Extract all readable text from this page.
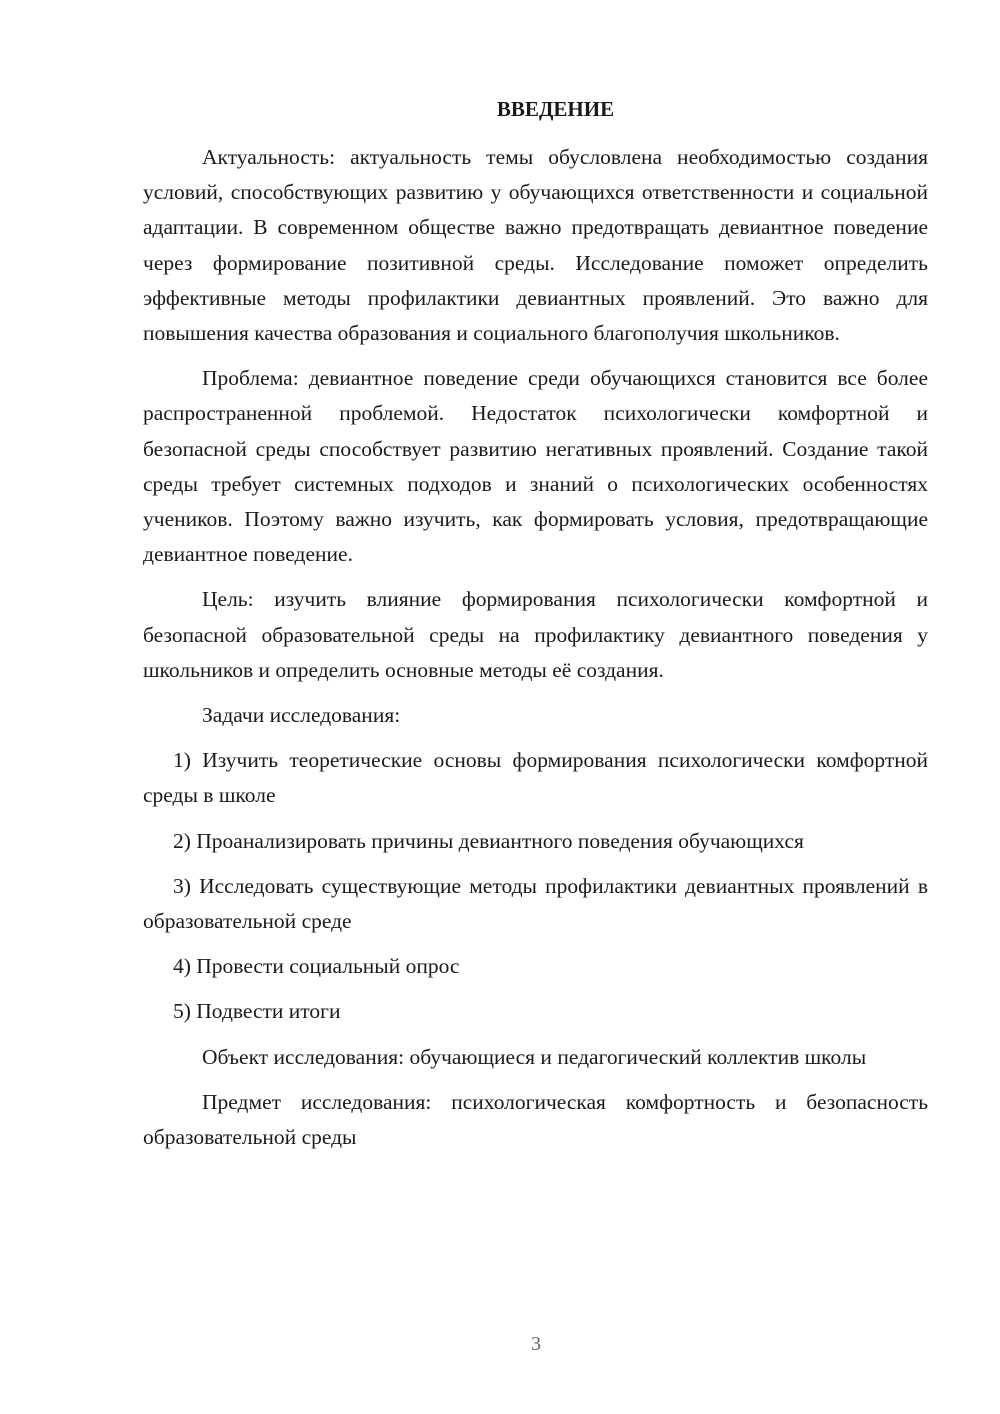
ВВЕДЕНИЕ

Актуальность: актуальность темы обусловлена необходимостью создания условий, способствующих развитию у обучающихся ответственности и социальной адаптации. В современном обществе важно предотвращать девиантное поведение через формирование позитивной среды. Исследование поможет определить эффективные методы профилактики девиантных проявлений. Это важно для повышения качества образования и социального благополучия школьников.

Проблема: девиантное поведение среди обучающихся становится все более распространенной проблемой. Недостаток психологически комфортной и безопасной среды способствует развитию негативных проявлений. Создание такой среды требует системных подходов и знаний о психологических особенностях учеников. Поэтому важно изучить, как формировать условия, предотвращающие девиантное поведение.

Цель: изучить влияние формирования психологически комфортной и безопасной образовательной среды на профилактику девиантного поведения у школьников и определить основные методы её создания.

Задачи исследования:

1) Изучить теоретические основы формирования психологически комфортной среды в школе

2) Проанализировать причины девиантного поведения обучающихся

3) Исследовать существующие методы профилактики девиантных проявлений в образовательной среде

4) Провести социальный опрос

5) Подвести итоги

Объект исследования: обучающиеся и педагогический коллектив школы

Предмет исследования: психологическая комфортность и безопасность образовательной среды

3
